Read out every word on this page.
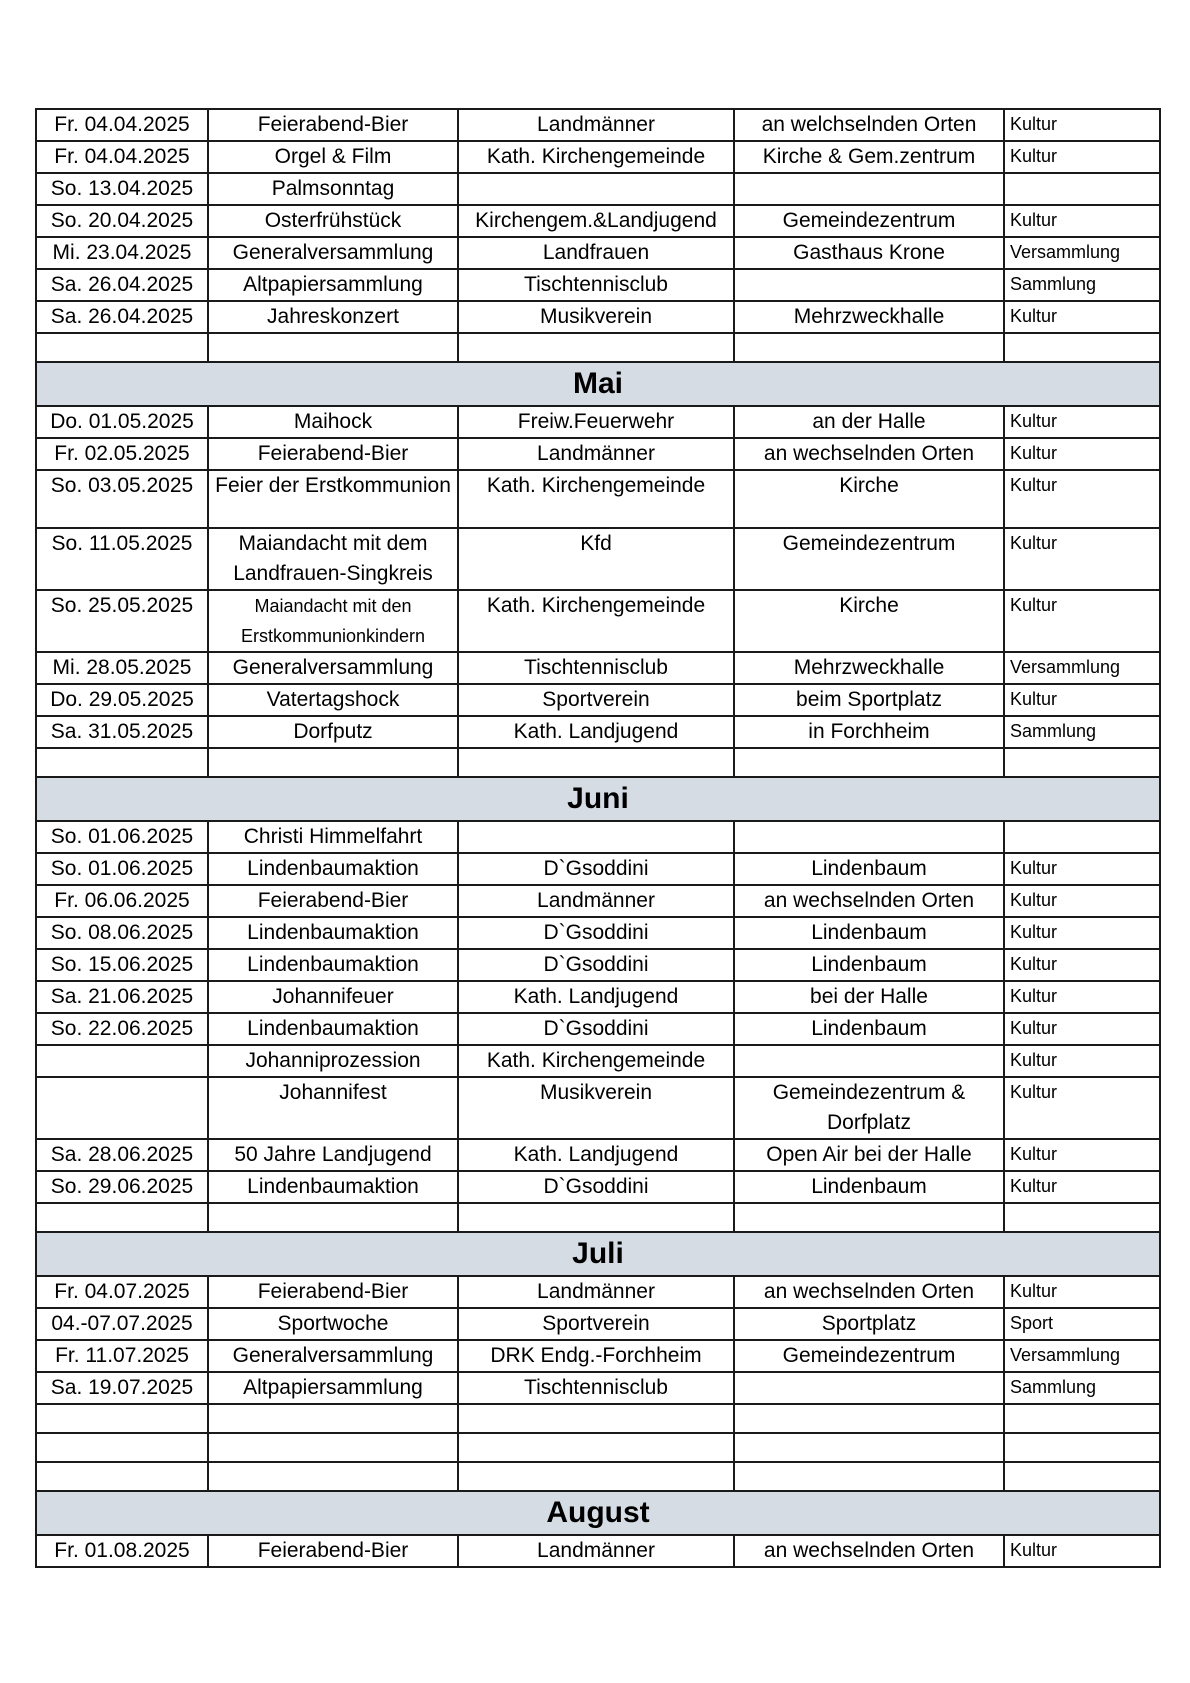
Fr. 04.04.2025	Feierabend-Bier	Landmänner	an welchselnden Orten	Kultur
Fr. 04.04.2025	Orgel & Film	Kath. Kirchengemeinde	Kirche & Gem.zentrum	Kultur
So. 13.04.2025	Palmsonntag			
So. 20.04.2025	Osterfrühstück	Kirchengem.&Landjugend	Gemeindezentrum	Kultur
Mi. 23.04.2025	Generalversammlung	Landfrauen	Gasthaus Krone	Versammlung
Sa. 26.04.2025	Altpapiersammlung	Tischtennisclub		Sammlung
Sa. 26.04.2025	Jahreskonzert	Musikverein	Mehrzweckhalle	Kultur

Mai				
Do. 01.05.2025	Maihock	Freiw.Feuerwehr	an der Halle	Kultur
Fr. 02.05.2025	Feierabend-Bier	Landmänner	an wechselnden Orten	Kultur
So. 03.05.2025	Feier der Erstkommunion	Kath. Kirchengemeinde	Kirche	Kultur
So. 11.05.2025	Maiandacht mit dem Landfrauen-Singkreis	Kfd	Gemeindezentrum	Kultur
So. 25.05.2025	Maiandacht mit den Erstkommunionkindern	Kath. Kirchengemeinde	Kirche	Kultur
Mi. 28.05.2025	Generalversammlung	Tischtennisclub	Mehrzweckhalle	Versammlung
Do. 29.05.2025	Vatertagshock	Sportverein	beim Sportplatz	Kultur
Sa. 31.05.2025	Dorfputz	Kath. Landjugend	in Forchheim	Sammlung

Juni				
So. 01.06.2025	Christi Himmelfahrt			
So. 01.06.2025	Lindenbaumaktion	D`Gsoddini	Lindenbaum	Kultur
Fr. 06.06.2025	Feierabend-Bier	Landmänner	an wechselnden Orten	Kultur
So. 08.06.2025	Lindenbaumaktion	D`Gsoddini	Lindenbaum	Kultur
So. 15.06.2025	Lindenbaumaktion	D`Gsoddini	Lindenbaum	Kultur
Sa. 21.06.2025	Johannifeuer	Kath. Landjugend	bei der Halle	Kultur
So. 22.06.2025	Lindenbaumaktion	D`Gsoddini	Lindenbaum	Kultur
	Johanniprozession	Kath. Kirchengemeinde		Kultur
	Johannifest	Musikverein	Gemeindezentrum & Dorfplatz	Kultur
Sa. 28.06.2025	50 Jahre Landjugend	Kath. Landjugend	Open Air bei der Halle	Kultur
So. 29.06.2025	Lindenbaumaktion	D`Gsoddini	Lindenbaum	Kultur

Juli				
Fr. 04.07.2025	Feierabend-Bier	Landmänner	an wechselnden Orten	Kultur
04.-07.07.2025	Sportwoche	Sportverein	Sportplatz	Sport
Fr. 11.07.2025	Generalversammlung	DRK Endg.-Forchheim	Gemeindezentrum	Versammlung
Sa. 19.07.2025	Altpapiersammlung	Tischtennisclub		Sammlung

August				
Fr. 01.08.2025	Feierabend-Bier	Landmänner	an wechselnden Orten	Kultur
